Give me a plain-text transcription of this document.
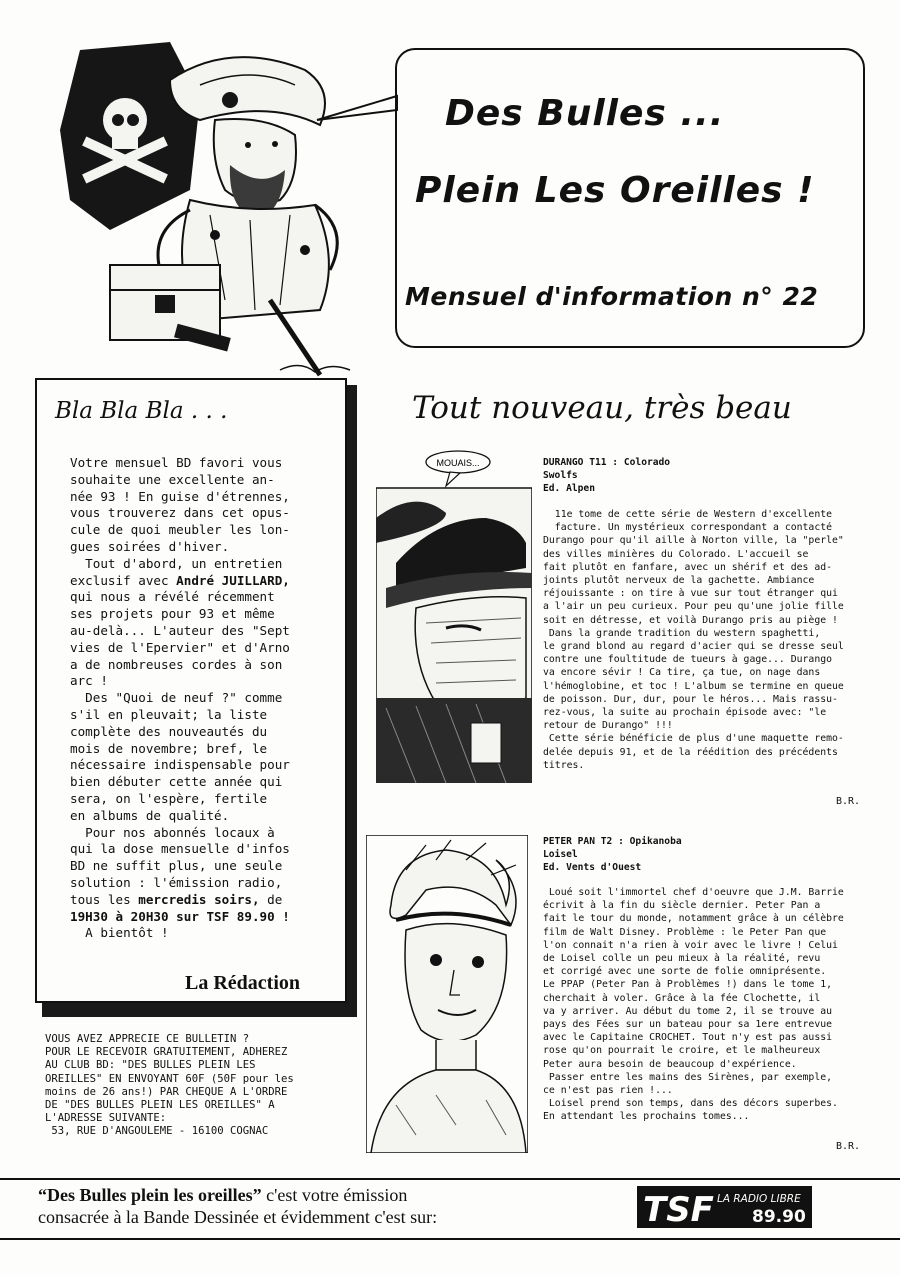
Des Bulles ...
Plein Les Oreilles !
Mensuel d'information n° 22
Bla Bla Bla . . .

Votre mensuel BD favori vous

souhaite une excellente an-

née 93 ! En guise d'étrennes,

vous trouverez dans cet opus-

cule de quoi meubler les lon-

gues soirées d'hiver.

Tout d'abord, un entretien

exclusif avec André JUILLARD,

qui nous a révélé récemment

ses projets pour 93 et même

au-delà... L'auteur des "Sept

vies de l'Epervier" et d'Arno

a de nombreuses cordes à son

arc !

Des "Quoi de neuf ?" comme

s'il en pleuvait; la liste

complète des nouveautés du

mois de novembre; bref, le

nécessaire indispensable pour

bien débuter cette année qui

sera, on l'espère, fertile

en albums de qualité.

Pour nos abonnés locaux à

qui la dose mensuelle d'infos

BD ne suffit plus, une seule

solution : l'émission radio,

tous les mercredis soirs, de

19H30 à 20H30 sur TSF 89.90 !

A bientôt !

La Rédaction

VOUS AVEZ APPRECIE CE BULLETIN ?

POUR LE RECEVOIR GRATUITEMENT, ADHEREZ

AU CLUB BD: "DES BULLES PLEIN LES

OREILLES" EN ENVOYANT 60F (50F pour les

moins de 26 ans!) PAR CHEQUE A L'ORDRE

DE "DES BULLES PLEIN LES OREILLES" A

L'ADRESSE SUIVANTE:

53, RUE D'ANGOULEME - 16100 COGNAC

Tout nouveau, très beau
MOUAIS...	DURANGO T11 : Colorado

Swolfs

Ed. Alpen

11e tome de cette série de Western d'excellente

facture. Un mystérieux correspondant a contacté

Durango pour qu'il aille à Norton ville, la "perle"

des villes minières du Colorado. L'accueil se

fait plutôt en fanfare, avec un shérif et des ad-

joints plutôt nerveux de la gachette. Ambiance

réjouissante : on tire à vue sur tout étranger qui

a l'air un peu curieux. Pour peu qu'une jolie fille

soit en détresse, et voilà Durango pris au piège !

Dans la grande tradition du western spaghetti,

le grand blond au regard d'acier qui se dresse seul

contre une foultitude de tueurs à gage... Durango

va encore sévir ! Ca tire, ça tue, on nage dans

l'hémoglobine, et toc ! L'album se termine en queue

de poisson. Dur, dur, pour le héros... Mais rassu-

rez-vous, la suite au prochain épisode avec: "le

retour de Durango" !!!

Cette série bénéficie de plus d'une maquette remo-

delée depuis 91, et de la réédition des précédents

titres.

B.R.

PETER PAN T2 : Opikanoba

Loisel

Ed. Vents d'Ouest

Loué soit l'immortel chef d'oeuvre que J.M. Barrie

écrivit à la fin du siècle dernier. Peter Pan a

fait le tour du monde, notamment grâce à un célèbre

film de Walt Disney. Problème : le Peter Pan que

l'on connait n'a rien à voir avec le livre ! Celui

de Loisel colle un peu mieux à la réalité, revu

et corrigé avec une sorte de folie omniprésente.

Le PPAP (Peter Pan à Problèmes !) dans le tome 1,

cherchait à voler. Grâce à la fée Clochette, il

va y arriver. Au début du tome 2, il se trouve au

pays des Fées sur un bateau pour sa 1ere entrevue

avec le Capitaine CROCHET. Tout n'y est pas aussi

rose qu'on pourrait le croire, et le malheureux

Peter aura besoin de beaucoup d'expérience.

Passer entre les mains des Sirènes, par exemple,

ce n'est pas rien !...

Loisel prend son temps, dans des décors superbes.

En attendant les prochains tomes...

B.R.
“Des Bulles plein les oreilles” c'est votre émission
consacrée à la Bande Dessinée et évidemment c'est sur:	TSF LA RADIO LIBRE
89.90
